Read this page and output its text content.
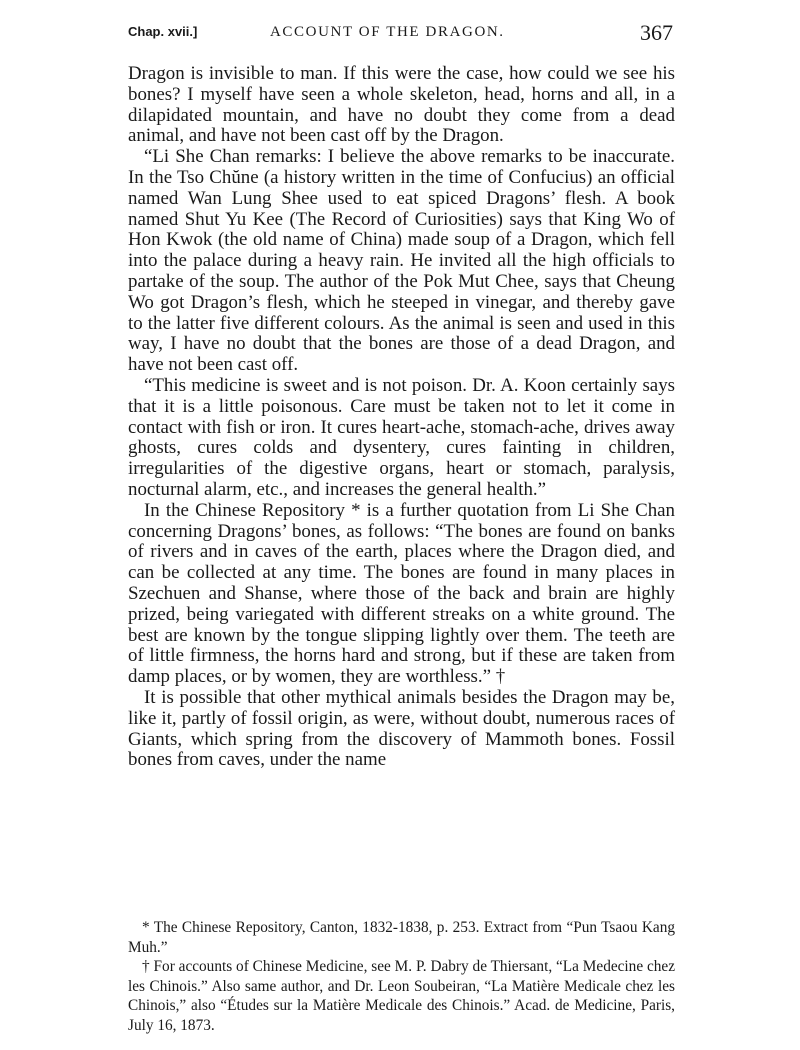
Chap. xvii.]	ACCOUNT OF THE DRAGON.	367

Dragon is invisible to man. If this were the case, how could we see his bones? I myself have seen a whole skeleton, head, horns and all, in a dilapidated mountain, and have no doubt they come from a dead animal, and have not been cast off by the Dragon.

“Li She Chan remarks: I believe the above remarks to be inaccurate. In the Tso Chŭne (a history written in the time of Confucius) an official named Wan Lung Shee used to eat spiced Dragons’ flesh. A book named Shut Yu Kee (The Record of Curiosities) says that King Wo of Hon Kwok (the old name of China) made soup of a Dragon, which fell into the palace during a heavy rain. He invited all the high officials to partake of the soup. The author of the Pok Mut Chee, says that Cheung Wo got Dragon’s flesh, which he steeped in vinegar, and thereby gave to the latter five different colours. As the animal is seen and used in this way, I have no doubt that the bones are those of a dead Dragon, and have not been cast off.

“This medicine is sweet and is not poison. Dr. A. Koon certainly says that it is a little poisonous. Care must be taken not to let it come in contact with fish or iron. It cures heart-ache, stomach-ache, drives away ghosts, cures colds and dysentery, cures fainting in children, irregularities of the digestive organs, heart or stomach, paralysis, nocturnal alarm, etc., and increases the general health.”

In the Chinese Repository * is a further quotation from Li She Chan concerning Dragons’ bones, as follows: “The bones are found on banks of rivers and in caves of the earth, places where the Dragon died, and can be collected at any time. The bones are found in many places in Szechuen and Shanse, where those of the back and brain are highly prized, being variegated with different streaks on a white ground. The best are known by the tongue slipping lightly over them. The teeth are of little firmness, the horns hard and strong, but if these are taken from damp places, or by women, they are worthless.” †

It is possible that other mythical animals besides the Dragon may be, like it, partly of fossil origin, as were, without doubt, numerous races of Giants, which spring from the discovery of Mammoth bones. Fossil bones from caves, under the name

* The Chinese Repository, Canton, 1832-1838, p. 253. Extract from “Pun Tsaou Kang Muh.”

† For accounts of Chinese Medicine, see M. P. Dabry de Thiersant, “La Medecine chez les Chinois.” Also same author, and Dr. Leon Soubeiran, “La Matière Medicale chez les Chinois,” also “Études sur la Matière Medicale des Chinois.” Acad. de Medicine, Paris, July 16, 1873.
